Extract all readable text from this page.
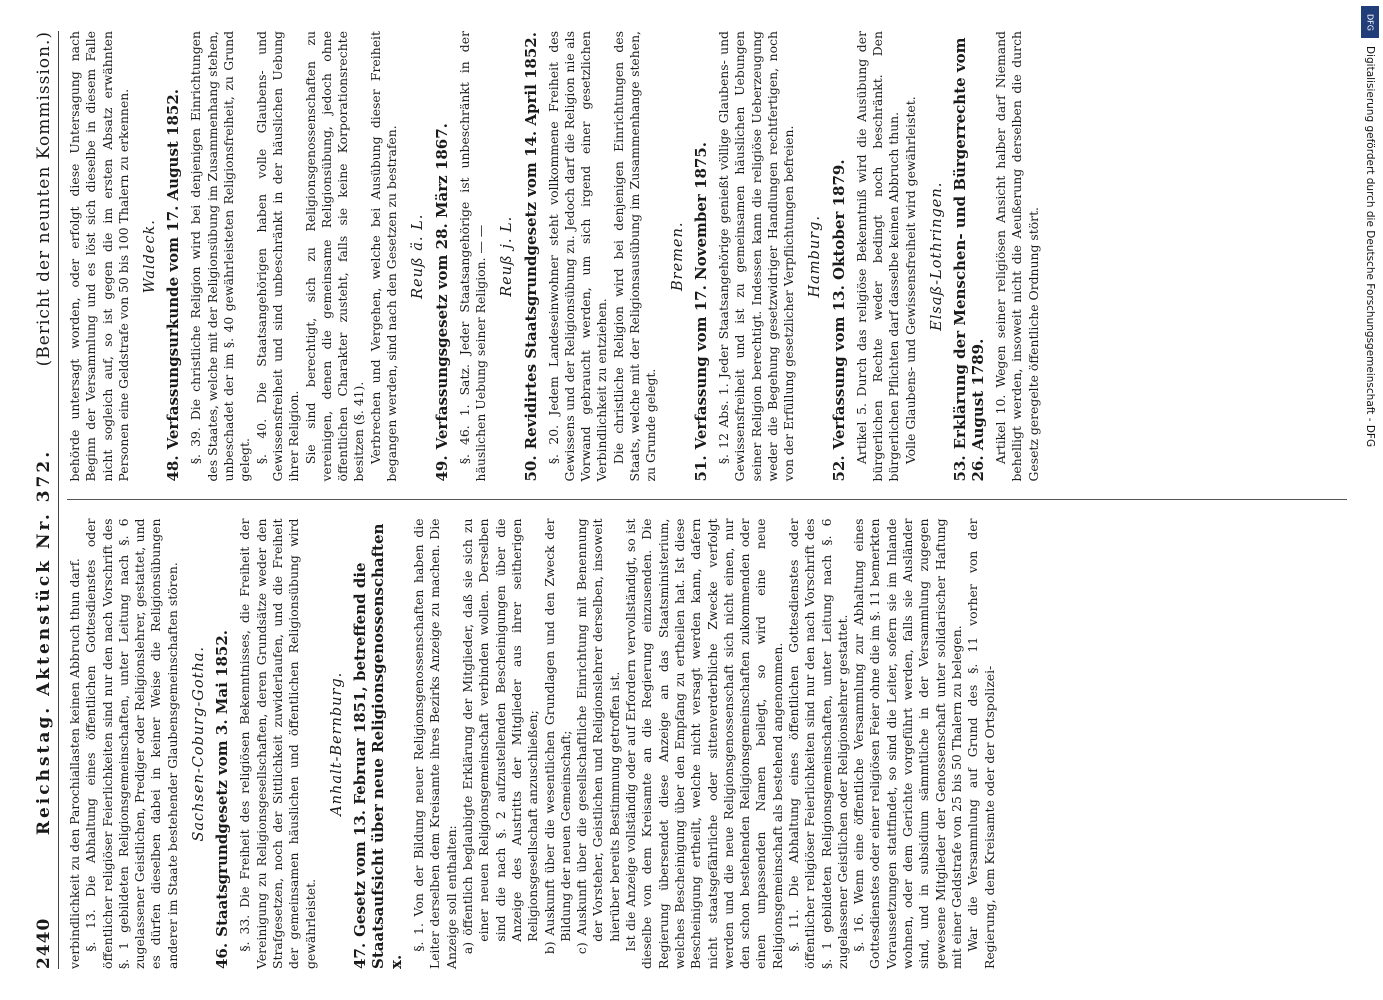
2440
Reichstag. Aktenstück Nr. 372.
(Bericht der neunten Kommission.)

verbindlichkeit zu den Parochiallasten keinen Abbruch thun darf. §. 13. Die Abhaltung eines öffentlichen Gottesdienstes oder öffentlicher religiöser Feierlichkeiten sind nur den nach Vorschrift des §. 1 gebildeten Religionsgemeinschaften, unter Leitung nach §. 6 zugelassener Geistlichen, Prediger oder Religionslehrer, gestattet, und es dürfen dieselben dabei in keiner Weise die Religionsübungen anderer im Staate bestehender Glaubensgemeinschaften stören. Sachsen-Coburg-Gotha.
46.Staatsgrundgesetz vom 3. Mai 1852. §. 33. Die Freiheit des religiösen Bekenntnisses, die Freiheit der Vereinigung zu Religionsgesellschaften, deren Grundsätze weder den Strafgesetzen, noch der Sittlichkeit zuwiderlaufen, und die Freiheit der gemeinsamen häuslichen und öffentlichen Religionsübung wird gewährleistet.

Anhalt-Bernburg.
47.Gesetz vom 13. Februar 1851, betreffend die Staatsaufsicht über neue Religionsgenossenschaften x.

§. 1. Von der Bildung neuer Religionsgenossenschaften haben die Leiter derselben dem Kreisamte ihres Bezirks Anzeige zu machen. Die Anzeige soll enthalten: a) öffentlich beglaubigte Erklärung der Mitglieder, daß sie sich zu einer neuen Religionsgemeinschaft verbinden wollen. Derselben sind die nach §. 2 aufzustellenden Bescheinigungen über die Anzeige des Austritts der Mitglieder aus ihrer seitherigen Religionsgesellschaft anzuschließen; b) Auskunft über die wesentlichen Grundlagen und den Zweck der Bildung der neuen Gemeinschaft; c) Auskunft über die gesellschaftliche Einrichtung mit Benennung der Vorsteher, Geistlichen und Religionslehrer derselben, insoweit hierüber bereits Bestimmung getroffen ist. Ist die Anzeige vollständig oder auf Erfordern vervollständigt, so ist dieselbe von dem Kreisamte an die Regierung einzusenden. Die Regierung übersendet diese Anzeige an das Staatsministerium, welches Bescheinigung über den Empfang zu ertheilen hat. Ist diese Bescheinigung ertheilt, welche nicht versagt werden kann, dafern nicht staatsgefährliche oder sittenverderbliche Zwecke verfolgt werden und die neue Religionsgenossenschaft sich nicht einen, nur den schon bestehenden Religionsgemeinschaften zukommenden oder einen unpassenden Namen beilegt, so wird eine neue Religionsgemeinschaft als bestehend angenommen. §. 11. Die Abhaltung eines öffentlichen Gottesdienstes oder öffentlicher religiöser Feierlichkeiten sind nur den nach Vorschrift des §. 1 gebildeten Religionsgemeinschaften, unter Leitung nach §. 6 zugelassener Geistlichen oder Religionslehrer gestattet. §. 16. Wenn eine öffentliche Versammlung zur Abhaltung eines Gottesdienstes oder einer religiösen Feier ohne die im §. 11 bemerkten Voraussetzungen stattfindet, so sind die Leiter, sofern sie im Inlande wohnen, oder dem Gerichte vorgeführt werden, falls sie Ausländer sind, und in subsidium sämmtliche in der Versammlung zugegen gewesene Mitglieder der Genossenschaft unter solidarischer Haftung mit einer Geldstrafe von 25 bis 50 Thalern zu belegen. War die Versammlung auf Grund des §. 11 vorher von der Regierung, dem Kreisamte oder der Ortspolizei-

behörde untersagt worden, oder erfolgt diese Untersagung nach Beginn der Versammlung und es löst sich dieselbe in diesem Falle nicht sogleich auf, so ist gegen die im ersten Absatz erwähnten Personen eine Geldstrafe von 50 bis 100 Thalern zu erkennen. Waldeck.
48.Verfassungsurkunde vom 17. August 1852. §. 39. Die christliche Religion wird bei denjenigen Einrichtungen des Staates, welche mit der Religionsübung im Zusammenhang stehen, unbeschadet der im §. 40 gewährleisteten Religionsfreiheit, zu Grund gelegt. §. 40. Die Staatsangehörigen haben volle Glaubens- und Gewissensfreiheit und sind unbeschränkt in der häuslichen Uebung ihrer Religion. Sie sind berechtigt, sich zu Religionsgenossenschaften zu vereinigen, denen die gemeinsame Religionsübung, jedoch ohne öffentlichen Charakter zusteht, falls sie keine Korporationsrechte besitzen (§. 41). Verbrechen und Vergehen, welche bei Ausübung dieser Freiheit begangen werden, sind nach den Gesetzen zu bestrafen. Reuß ä. L.
49.Verfassungsgesetz vom 28. März 1867. §. 46. 1. Satz. Jeder Staatsangehörige ist unbeschränkt in der häuslichen Uebung seiner Religion. — — Reuß j. L.
50.Revidirtes Staatsgrundgesetz vom 14. April 1852. §. 20. Jedem Landeseinwohner steht vollkommene Freiheit des Gewissens und der Religionsübung zu. Jedoch darf die Religion nie als Vorwand gebraucht werden, um sich irgend einer gesetzlichen Verbindlichkeit zu entziehen. Die christliche Religion wird bei denjenigen Einrichtungen des Staats, welche mit der Religionsausübung im Zusammenhange stehen, zu Grunde gelegt.

Bremen.
51.Verfassung vom 17. November 1875. §. 12 Abs. 1. Jeder Staatsangehörige genießt völlige Glaubens- und Gewissensfreiheit und ist zu gemeinsamen häuslichen Uebungen seiner Religion berechtigt. Indessen kann die religiöse Ueberzeugung weder die Begehung gesetzwidriger Handlungen rechtfertigen, noch von der Erfüllung gesetzlicher Verpflichtungen befreien. Hamburg.
52.Verfassung vom 13. Oktober 1879. Artikel 5. Durch das religiöse Bekenntniß wird die Ausübung der bürgerlichen Rechte weder bedingt noch beschränkt. Den bürgerlichen Pflichten darf dasselbe keinen Abbruch thun. Volle Glaubens- und Gewissensfreiheit wird gewährleistet. Elsaß-Lothringen.
53.Erklärung der Menschen- und Bürgerrechte vom 26. August 1789. Artikel 10. Wegen seiner religiösen Ansicht halber darf Niemand behelligt werden, insoweit nicht die Aeußerung derselben die durch Gesetz geregelte öffentliche Ordnung stört.

DFG
Digitalisierung gefördert durch die Deutsche Forschungsgemeinschaft - DFG
